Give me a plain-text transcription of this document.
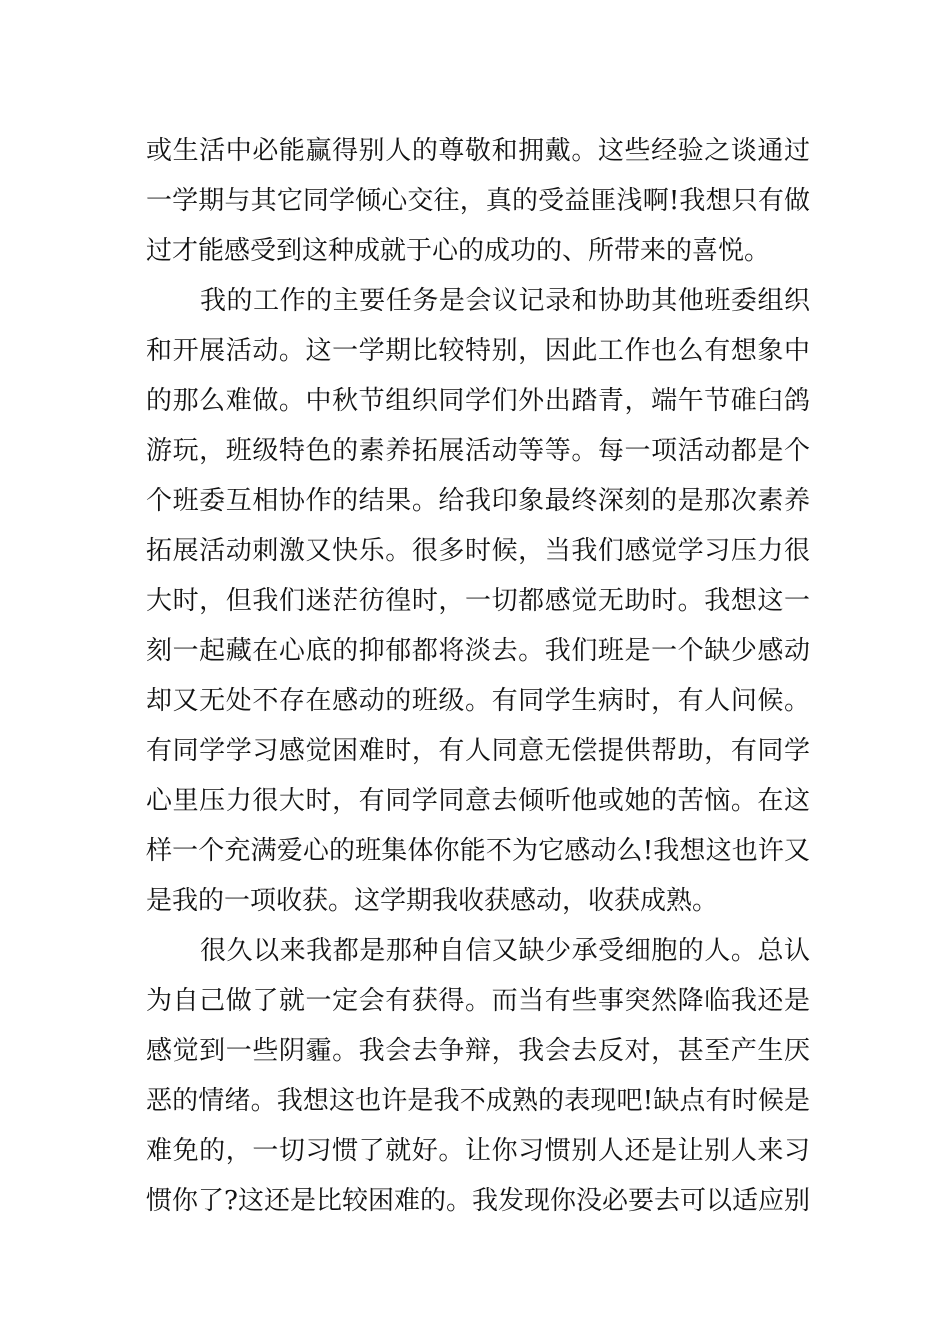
或生活中必能赢得别人的尊敬和拥戴。这些经验之谈通过
一学期与其它同学倾心交往，真的受益匪浅啊!我想只有做
过才能感受到这种成就于心的成功的、所带来的喜悦。
我的工作的主要任务是会议记录和协助其他班委组织
和开展活动。这一学期比较特别，因此工作也么有想象中
的那么难做。中秋节组织同学们外出踏青，端午节碓臼鸽
游玩，班级特色的素养拓展活动等等。每一项活动都是个
个班委互相协作的结果。给我印象最终深刻的是那次素养
拓展活动刺激又快乐。很多时候，当我们感觉学习压力很
大时，但我们迷茫彷徨时，一切都感觉无助时。我想这一
刻一起藏在心底的抑郁都将淡去。我们班是一个缺少感动
却又无处不存在感动的班级。有同学生病时，有人问候。
有同学学习感觉困难时，有人同意无偿提供帮助，有同学
心里压力很大时，有同学同意去倾听他或她的苦恼。在这
样一个充满爱心的班集体你能不为它感动么!我想这也许又
是我的一项收获。这学期我收获感动，收获成熟。
很久以来我都是那种自信又缺少承受细胞的人。总认
为自己做了就一定会有获得。而当有些事突然降临我还是
感觉到一些阴霾。我会去争辩，我会去反对，甚至产生厌
恶的情绪。我想这也许是我不成熟的表现吧!缺点有时候是
难免的，一切习惯了就好。让你习惯别人还是让别人来习
惯你了?这还是比较困难的。我发现你没必要去可以适应别
